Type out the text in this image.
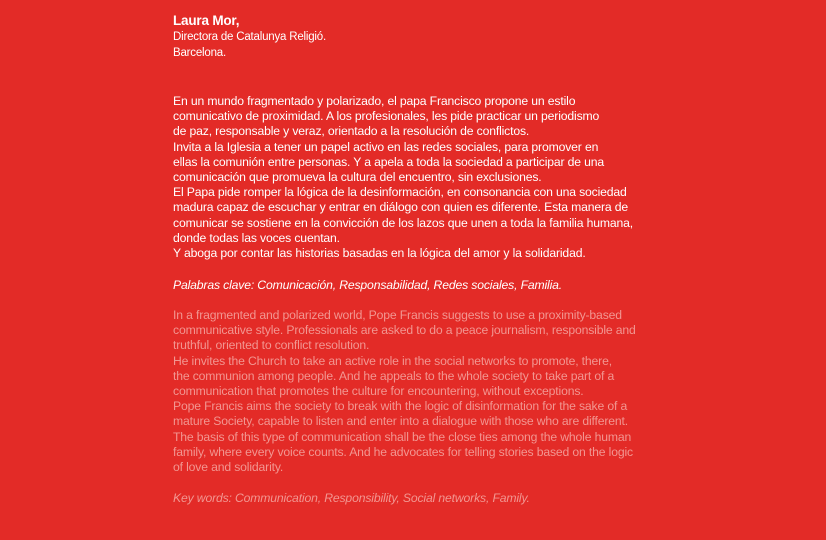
Laura Mor,

Directora de Catalunya Religió.

Barcelona.

En un mundo fragmentado y polarizado, el papa Francisco propone un estilo
comunicativo de proximidad. A los profesionales, les pide practicar un periodismo
de paz, responsable y veraz, orientado a la resolución de conflictos.
Invita a la Iglesia a tener un papel activo en las redes sociales, para promover en
ellas la comunión entre personas. Y a apela a toda la sociedad a participar de una
comunicación que promueva la cultura del encuentro, sin exclusiones.
El Papa pide romper la lógica de la desinformación, en consonancia con una sociedad
madura capaz de escuchar y entrar en diálogo con quien es diferente. Esta manera de
comunicar se sostiene en la convicción de los lazos que unen a toda la familia humana,
donde todas las voces cuentan.
Y aboga por contar las historias basadas en la lógica del amor y la solidaridad.

Palabras clave: Comunicación, Responsabilidad, Redes sociales, Familia.

In a fragmented and polarized world, Pope Francis suggests to use a proximity-based
communicative style. Professionals are asked to do a peace journalism, responsible and
truthful, oriented to conflict resolution.
He invites the Church to take an active role in the social networks to promote, there,
the communion among people. And he appeals to the whole society to take part of a
communication that promotes the culture for encountering, without exceptions.
Pope Francis aims the society to break with the logic of disinformation for the sake of a
mature Society, capable to listen and enter into a dialogue with those who are different.
The basis of this type of communication shall be the close ties among the whole human
family, where every voice counts. And he advocates for telling stories based on the logic
of love and solidarity.

Key words: Communication, Responsibility, Social networks, Family.
